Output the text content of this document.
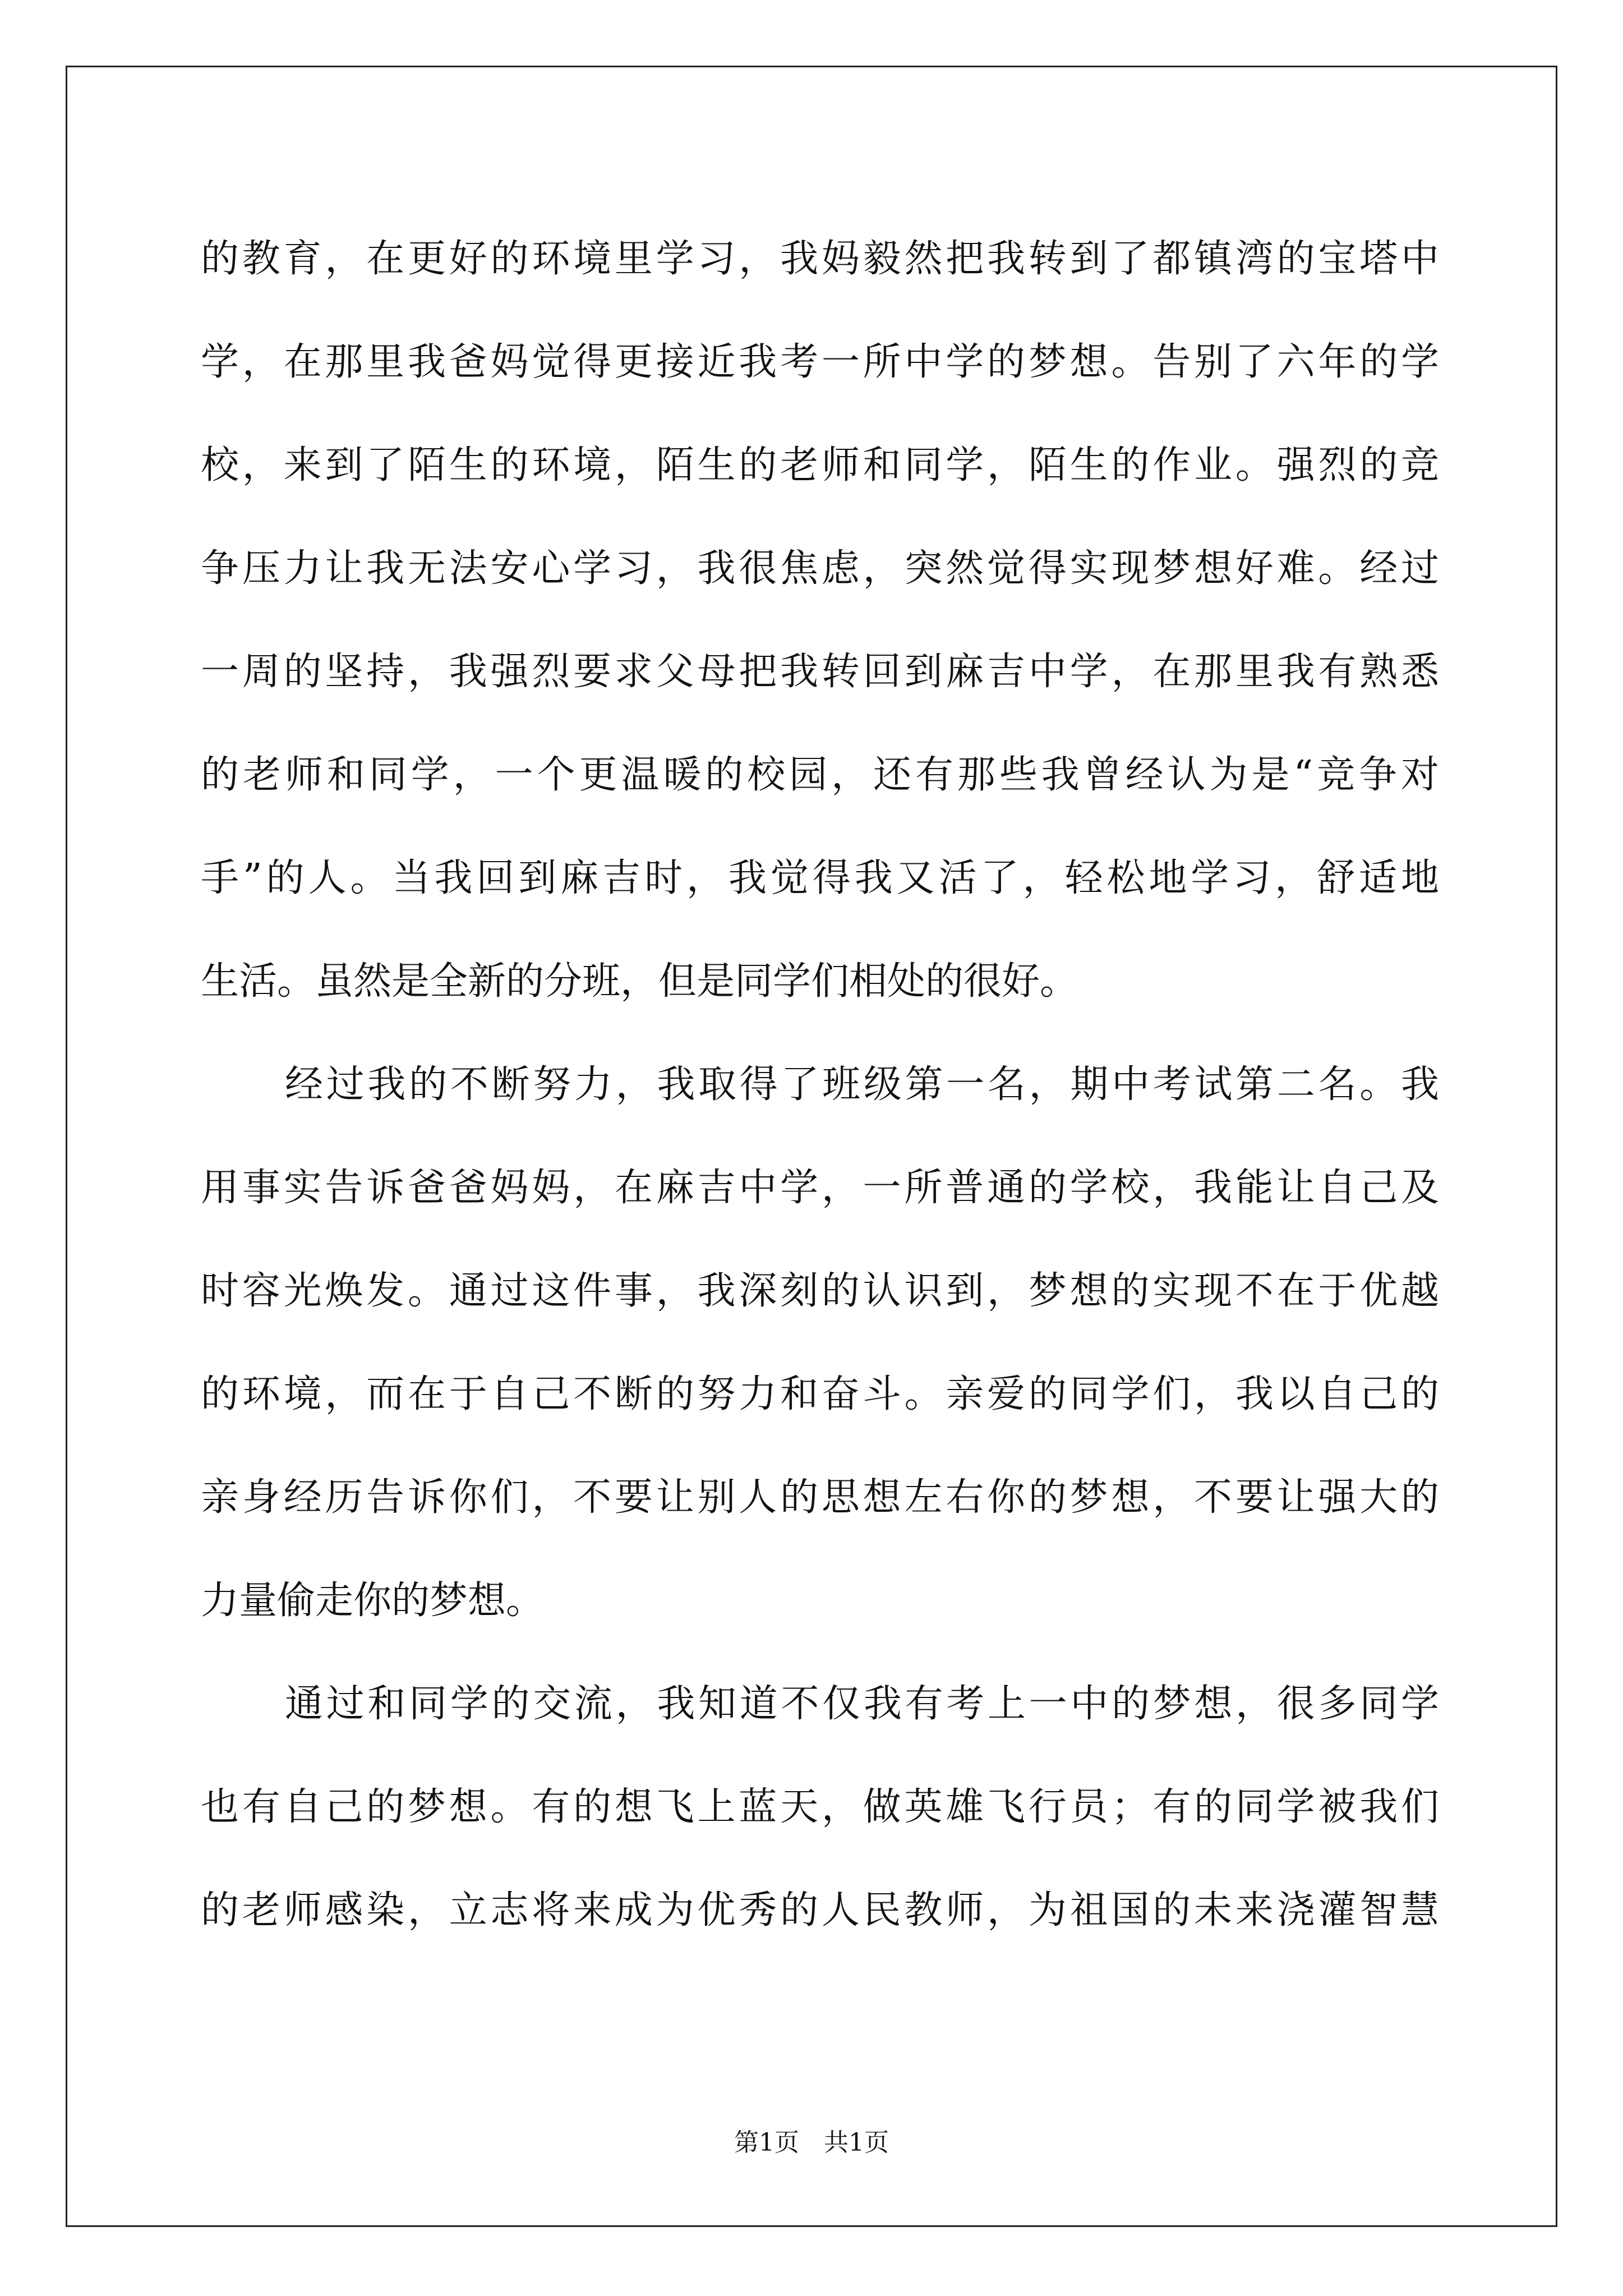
的教育，在更好的环境里学习，我妈毅然把我转到了都镇湾的宝塔中
学，在那里我爸妈觉得更接近我考一所中学的梦想。告别了六年的学
校，来到了陌生的环境，陌生的老师和同学，陌生的作业。强烈的竞
争压力让我无法安心学习，我很焦虑，突然觉得实现梦想好难。经过
一周的坚持，我强烈要求父母把我转回到麻吉中学，在那里我有熟悉
的老师和同学，一个更温暖的校园，还有那些我曾经认为是“竞争对
手”的人。当我回到麻吉时，我觉得我又活了，轻松地学习，舒适地
生活。虽然是全新的分班，但是同学们相处的很好。
经过我的不断努力，我取得了班级第一名，期中考试第二名。我
用事实告诉爸爸妈妈，在麻吉中学，一所普通的学校，我能让自己及
时容光焕发。通过这件事，我深刻的认识到，梦想的实现不在于优越
的环境，而在于自己不断的努力和奋斗。亲爱的同学们，我以自己的
亲身经历告诉你们，不要让别人的思想左右你的梦想，不要让强大的
力量偷走你的梦想。
通过和同学的交流，我知道不仅我有考上一中的梦想，很多同学
也有自己的梦想。有的想飞上蓝天，做英雄飞行员；有的同学被我们
的老师感染，立志将来成为优秀的人民教师，为祖国的未来浇灌智慧
第1页　共1页
